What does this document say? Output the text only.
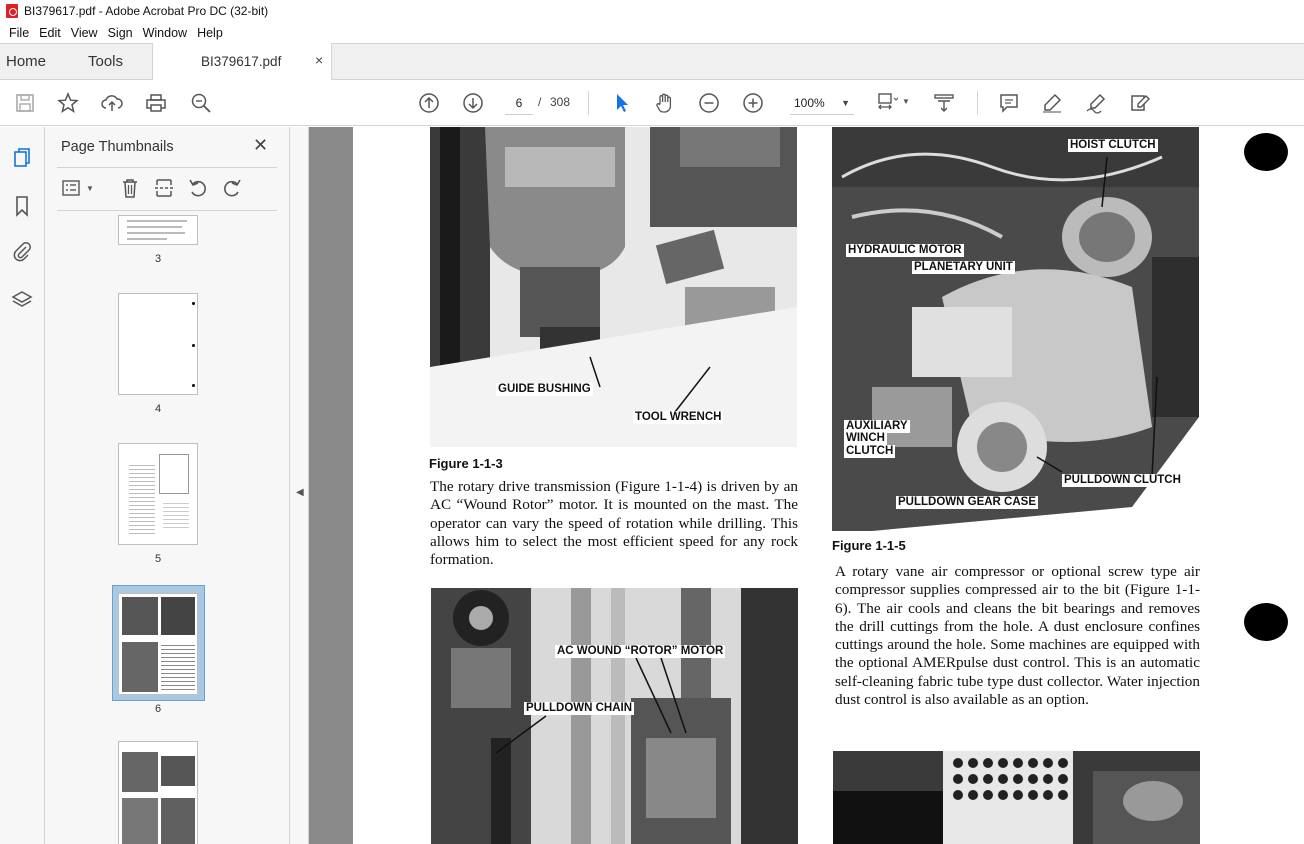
BI379617.pdf - Adobe Acrobat Pro DC (32-bit)
File Edit View Sign Window Help
Home	Tools	BI379617.pdf ×
6	/ 308	100% ▼	▼
Page Thumbnails	✕
▼
3
4
5
6
◀
GUIDE BUSHING
TOOL WRENCH
Figure 1-1-3
The rotary drive transmission (Figure 1-1-4) is driven by an AC “Wound Rotor” motor. It is mounted on the mast. The operator can vary the speed of rotation while drilling. This allows him to select the most efficient speed for any rock formation.
AC WOUND “ROTOR” MOTOR
PULLDOWN CHAIN
HOIST CLUTCH
HYDRAULIC MOTOR
PLANETARY UNIT
AUXILIARY
WINCH
CLUTCH
PULLDOWN CLUTCH
PULLDOWN GEAR CASE
Figure 1-1-5
A rotary vane air compressor or optional screw type air compressor supplies compressed air to the bit (Figure 1-1-6). The air cools and cleans the bit bearings and removes the drill cuttings from the hole. A dust enclosure confines cuttings around the hole. Some machines are equipped with the optional AMERpulse dust control. This is an automatic self-cleaning fabric tube type dust collector. Water injection dust control is also available as an option.
